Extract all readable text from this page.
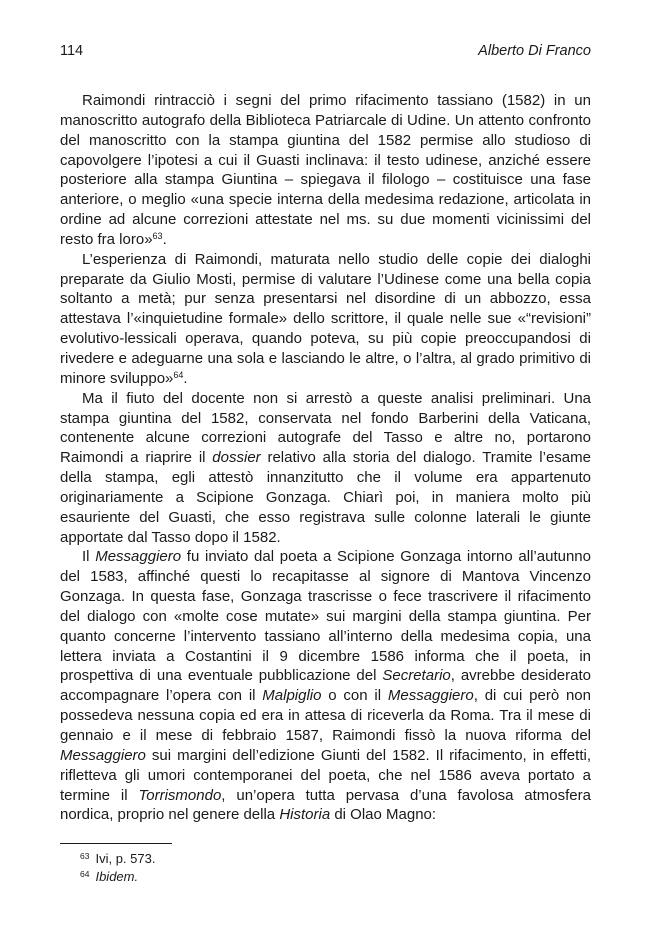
114	Alberto Di Franco

Raimondi rintracciò i segni del primo rifacimento tassiano (1582) in un manoscritto autografo della Biblioteca Patriarcale di Udine. Un attento confronto del manoscritto con la stampa giuntina del 1582 permise allo studioso di capovolgere l’ipotesi a cui il Guasti inclinava: il testo udinese, anziché essere posteriore alla stampa Giuntina – spiegava il filologo – costituisce una fase anteriore, o meglio «una specie interna della medesima redazione, articolata in ordine ad alcune correzioni attestate nel ms. su due momenti vicinissimi del resto fra loro»$^{63}$.

L’esperienza di Raimondi, maturata nello studio delle copie dei dialoghi preparate da Giulio Mosti, permise di valutare l’Udinese come una bella copia soltanto a metà; pur senza presentarsi nel disordine di un abbozzo, essa attestava l’«inquietudine formale» dello scrittore, il quale nelle sue «“revisioni” evolutivo-lessicali operava, quando poteva, su più copie preoccupandosi di rivedere e adeguarne una sola e lasciando le altre, o l’altra, al grado primitivo di minore sviluppo»$^{64}$.

Ma il fiuto del docente non si arrestò a queste analisi preliminari. Una stampa giuntina del 1582, conservata nel fondo Barberini della Vaticana, contenente alcune correzioni autografe del Tasso e altre no, portarono Raimondi a riaprire il dossier relativo alla storia del dialogo. Tramite l’esame della stampa, egli attestò innanzitutto che il volume era appartenuto originariamente a Scipione Gonzaga. Chiarì poi, in maniera molto più esauriente del Guasti, che esso registrava sulle colonne laterali le giunte apportate dal Tasso dopo il 1582.

Il Messaggiero fu inviato dal poeta a Scipione Gonzaga intorno all’autunno del 1583, affinché questi lo recapitasse al signore di Mantova Vincenzo Gonzaga. In questa fase, Gonzaga trascrisse o fece trascrivere il rifacimento del dialogo con «molte cose mutate» sui margini della stampa giuntina. Per quanto concerne l’intervento tassiano all’interno della medesima copia, una lettera inviata a Costantini il 9 dicembre 1586 informa che il poeta, in prospettiva di una eventuale pubblicazione del Secretario, avrebbe desiderato accompagnare l’opera con il Malpiglio o con il Messaggiero, di cui però non possedeva nessuna copia ed era in attesa di riceverla da Roma. Tra il mese di gennaio e il mese di febbraio 1587, Raimondi fissò la nuova riforma del Messaggiero sui margini dell’edizione Giunti del 1582. Il rifacimento, in effetti, rifletteva gli umori contemporanei del poeta, che nel 1586 aveva portato a termine il Torrismondo, un’opera tutta pervasa d’una favolosa atmosfera nordica, proprio nel genere della Historia di Olao Magno:

$^{63}$ Ivi, p. 573.
$^{64}$ Ibidem.
